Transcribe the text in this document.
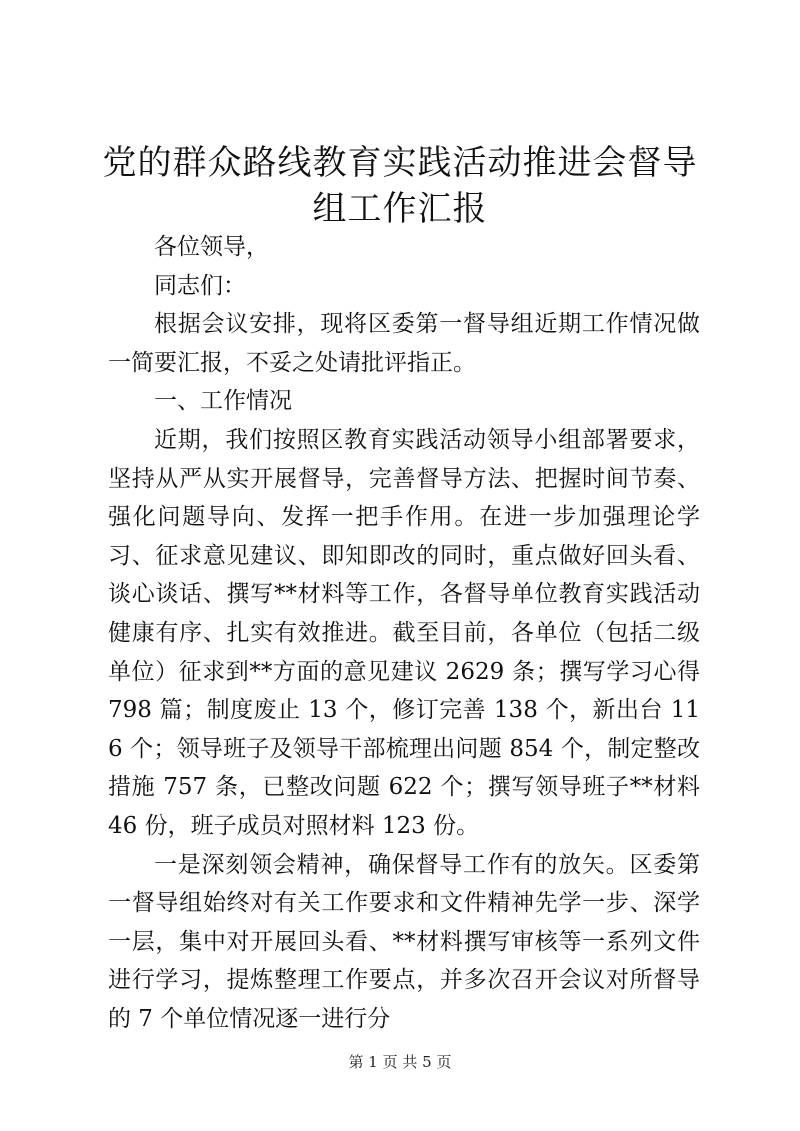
党的群众路线教育实践活动推进会督导组工作汇报

各位领导，

同志们：

根据会议安排，现将区委第一督导组近期工作情况做一简要汇报，不妥之处请批评指正。

一、工作情况

近期，我们按照区教育实践活动领导小组部署要求，坚持从严从实开展督导，完善督导方法、把握时间节奏、强化问题导向、发挥一把手作用。在进一步加强理论学习、征求意见建议、即知即改的同时，重点做好回头看、谈心谈话、撰写**材料等工作，各督导单位教育实践活动健康有序、扎实有效推进。截至目前，各单位（包括二级单位）征求到**方面的意见建议 2629 条；撰写学习心得 798 篇；制度废止 13 个，修订完善 138 个，新出台 116 个；领导班子及领导干部梳理出问题 854 个，制定整改措施 757 条，已整改问题 622 个；撰写领导班子**材料 46 份，班子成员对照材料 123 份。

一是深刻领会精神，确保督导工作有的放矢。区委第一督导组始终对有关工作要求和文件精神先学一步、深学一层，集中对开展回头看、**材料撰写审核等一系列文件进行学习，提炼整理工作要点，并多次召开会议对所督导的 7 个单位情况逐一进行分

第 1 页 共 5 页
